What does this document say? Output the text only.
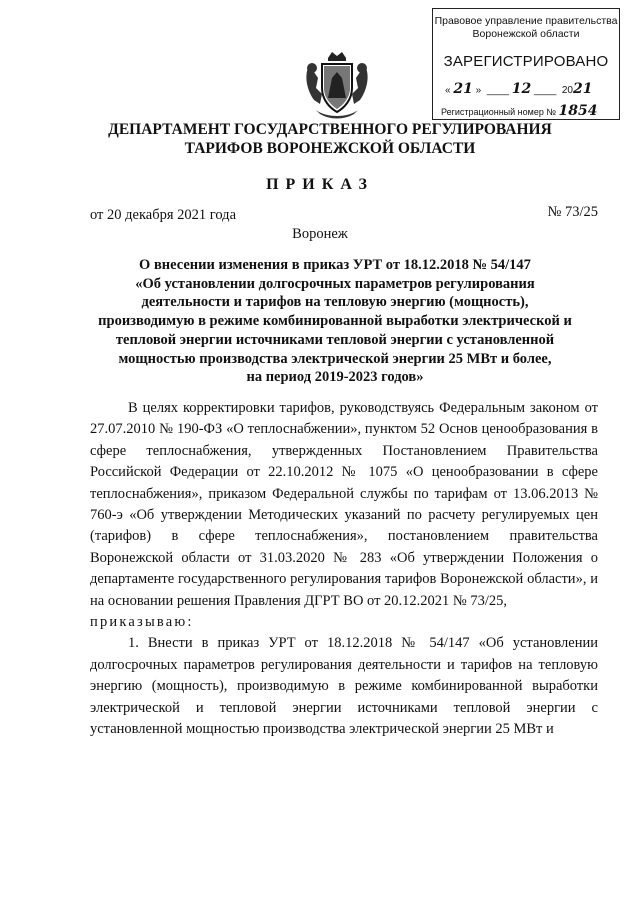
Правовое управление правительства
Воронежской области
ЗАРЕГИСТРИРОВАНО
« 21 »  ____ 12 ____  2021
Регистрационный номер № 1854
ДЕПАРТАМЕНТ ГОСУДАРСТВЕННОГО РЕГУЛИРОВАНИЯ
ТАРИФОВ ВОРОНЕЖСКОЙ ОБЛАСТИ
ПРИКАЗ
от 20 декабря 2021 года	№ 73/25
Воронеж
О внесении изменения в приказ УРТ от 18.12.2018 № 54/147
«Об установлении долгосрочных параметров регулирования
деятельности и тарифов на тепловую энергию (мощность),
производимую в режиме комбинированной выработки электрической и
тепловой энергии источниками тепловой энергии с установленной
мощностью производства электрической энергии 25 МВт и более,
на период 2019-2023 годов»

В целях корректировки тарифов, руководствуясь Федеральным законом от 27.07.2010 № 190-ФЗ «О теплоснабжении», пунктом 52 Основ ценообразования в сфере теплоснабжения, утвержденных Постановлением Правительства Российской Федерации от 22.10.2012 № 1075 «О ценообразовании в сфере теплоснабжения», приказом Федеральной службы по тарифам от 13.06.2013 № 760-э «Об утверждении Методических указаний по расчету регулируемых цен (тарифов) в сфере теплоснабжения», постановлением правительства Воронежской области от 31.03.2020 № 283 «Об утверждении Положения о департаменте государственного регулирования тарифов Воронежской области», и на основании решения Правления ДГРТ ВО от 20.12.2021 № 73/25,

приказываю:

1. Внести в приказ УРТ от 18.12.2018 № 54/147 «Об установлении долгосрочных параметров регулирования деятельности и тарифов на тепловую энергию (мощность), производимую в режиме комбинированной выработки электрической и тепловой энергии источниками тепловой энергии с установленной мощностью производства электрической энергии 25 МВт и
